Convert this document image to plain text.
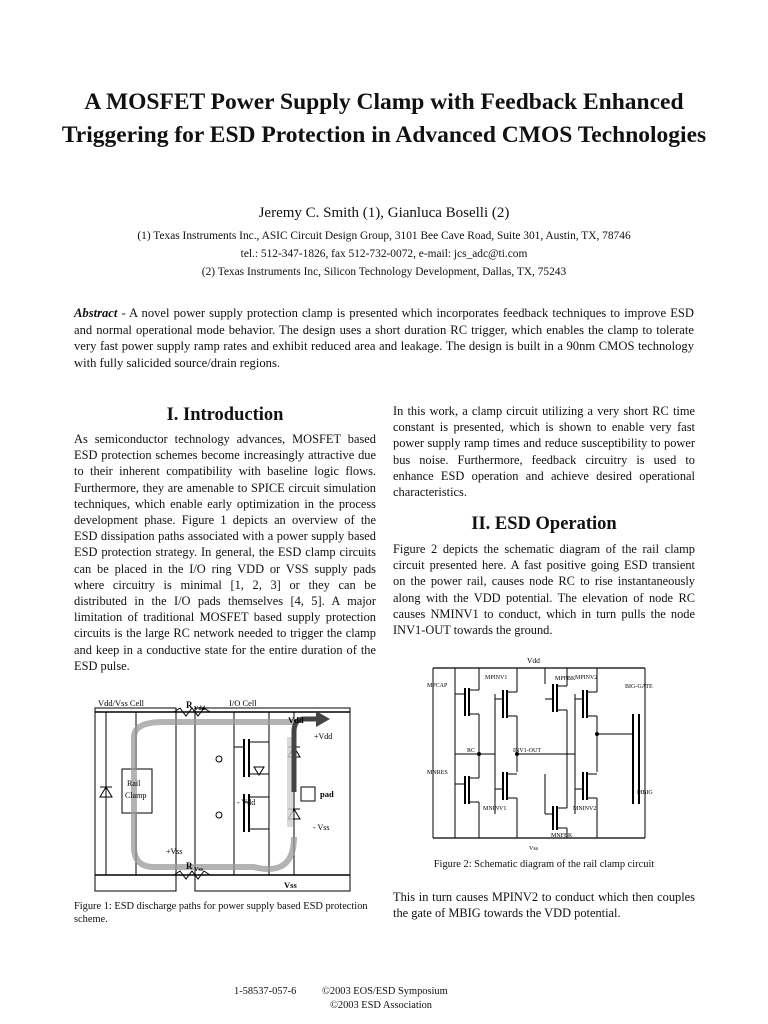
A MOSFET Power Supply Clamp with Feedback Enhanced Triggering for ESD Protection in Advanced CMOS Technologies
Jeremy C. Smith (1), Gianluca Boselli (2)
(1) Texas Instruments Inc., ASIC Circuit Design Group, 3101 Bee Cave Road, Suite 301, Austin, TX, 78746
tel.: 512-347-1826, fax 512-732-0072, e-mail: jcs_adc@ti.com
(2) Texas Instruments Inc, Silicon Technology Development, Dallas, TX, 75243
Abstract - A novel power supply protection clamp is presented which incorporates feedback techniques to improve ESD and normal operational mode behavior. The design uses a short duration RC trigger, which enables the clamp to tolerate very fast power supply ramp rates and exhibit reduced area and leakage. The design is built in a 90nm CMOS technology with fully salicided source/drain regions.
I. Introduction
As semiconductor technology advances, MOSFET based ESD protection schemes become increasingly attractive due to their inherent compatibility with baseline logic flows. Furthermore, they are amenable to SPICE circuit simulation techniques, which enable early optimization in the process development phase. Figure 1 depicts an overview of the ESD dissipation paths associated with a power supply based ESD protection strategy. In general, the ESD clamp circuits can be placed in the I/O ring VDD or VSS supply pads where circuitry is minimal [1, 2, 3] or they can be distributed in the I/O pads themselves [4, 5]. A major limitation of traditional MOSFET based supply protection circuits is the large RC network needed to trigger the clamp and keep in a conductive state for the entire duration of the ESD pulse.
Vdd/Vss Cell	I/O Cell
R Vdd
Vdd
+Vdd
Rail
Clamp
- Vdd
pad
- Vss
+Vss
R Vss
Vss
Figure 1: ESD discharge paths for power supply based ESD protection scheme.
In this work, a clamp circuit utilizing a very short RC time constant is presented, which is shown to enable very fast power supply ramp times and reduce susceptibility to power bus noise. Furthermore, feedback circuitry is used to enhance ESD operation and achieve desired operational characteristics.
II. ESD Operation
Figure 2 depicts the schematic diagram of the rail clamp circuit presented here. A fast positive going ESD transient on the power rail, causes node RC to rise instantaneously along with the VDD potential. The elevation of node RC causes NMINV1 to conduct, which in turn pulls the node INV1-OUT towards the ground.
Vdd
MPFBK
MPCAP
MPINV1	MPINV2
BIG-GATE
RC	INV1-OUT
MNRES
MNINV1	MNINV2
MBIG
MNFBK
Vss
Figure 2: Schematic diagram of the rail clamp circuit
This in turn causes MPINV2 to conduct which then couples the gate of MBIG towards the VDD potential.
1-58537-057-6 ©2003 EOS/ESD Symposium
©2003 ESD Association
